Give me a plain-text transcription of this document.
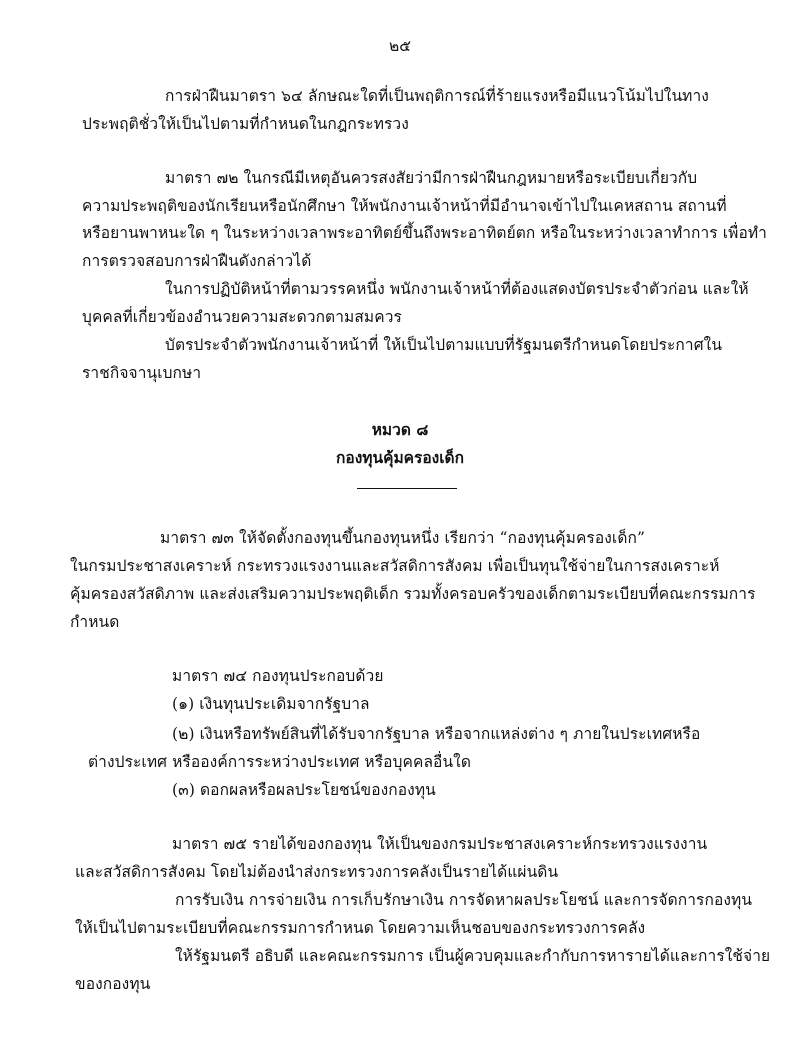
๒๕
การฝ่าฝืนมาตรา ๖๔ ลักษณะใดที่เป็นพฤติการณ์ที่ร้ายแรงหรือมีแนวโน้มไปในทาง
ประพฤติชั่วให้เป็นไปตามที่กำหนดในกฎกระทรวง
มาตรา ๗๒ ในกรณีมีเหตุอันควรสงสัยว่ามีการฝ่าฝืนกฎหมายหรือระเบียบเกี่ยวกับ
ความประพฤติของนักเรียนหรือนักศึกษา ให้พนักงานเจ้าหน้าที่มีอำนาจเข้าไปในเคหสถาน สถานที่
หรือยานพาหนะใด ๆ ในระหว่างเวลาพระอาทิตย์ขึ้นถึงพระอาทิตย์ตก หรือในระหว่างเวลาทำการ เพื่อทำ
การตรวจสอบการฝ่าฝืนดังกล่าวได้
ในการปฏิบัติหน้าที่ตามวรรคหนึ่ง พนักงานเจ้าหน้าที่ต้องแสดงบัตรประจำตัวก่อน และให้
บุคคลที่เกี่ยวข้องอำนวยความสะดวกตามสมควร
บัตรประจำตัวพนักงานเจ้าหน้าที่ ให้เป็นไปตามแบบที่รัฐมนตรีกำหนดโดยประกาศใน
ราชกิจจานุเบกษา
หมวด ๘
กองทุนคุ้มครองเด็ก
มาตรา ๗๓ ให้จัดตั้งกองทุนขึ้นกองทุนหนึ่ง เรียกว่า “กองทุนคุ้มครองเด็ก”
ในกรมประชาสงเคราะห์ กระทรวงแรงงานและสวัสดิการสังคม เพื่อเป็นทุนใช้จ่ายในการสงเคราะห์
คุ้มครองสวัสดิภาพ และส่งเสริมความประพฤติเด็ก รวมทั้งครอบครัวของเด็กตามระเบียบที่คณะกรรมการ
กำหนด
มาตรา ๗๔ กองทุนประกอบด้วย
(๑) เงินทุนประเดิมจากรัฐบาล
(๒) เงินหรือทรัพย์สินที่ได้รับจากรัฐบาล หรือจากแหล่งต่าง ๆ ภายในประเทศหรือ
ต่างประเทศ หรือองค์การระหว่างประเทศ หรือบุคคลอื่นใด
(๓) ดอกผลหรือผลประโยชน์ของกองทุน
มาตรา ๗๕ รายได้ของกองทุน ให้เป็นของกรมประชาสงเคราะห์กระทรวงแรงงาน
และสวัสดิการสังคม โดยไม่ต้องนำส่งกระทรวงการคลังเป็นรายได้แผ่นดิน
การรับเงิน การจ่ายเงิน การเก็บรักษาเงิน การจัดหาผลประโยชน์ และการจัดการกองทุน
ให้เป็นไปตามระเบียบที่คณะกรรมการกำหนด โดยความเห็นชอบของกระทรวงการคลัง
ให้รัฐมนตรี อธิบดี และคณะกรรมการ เป็นผู้ควบคุมและกำกับการหารายได้และการใช้จ่าย
ของกองทุน
